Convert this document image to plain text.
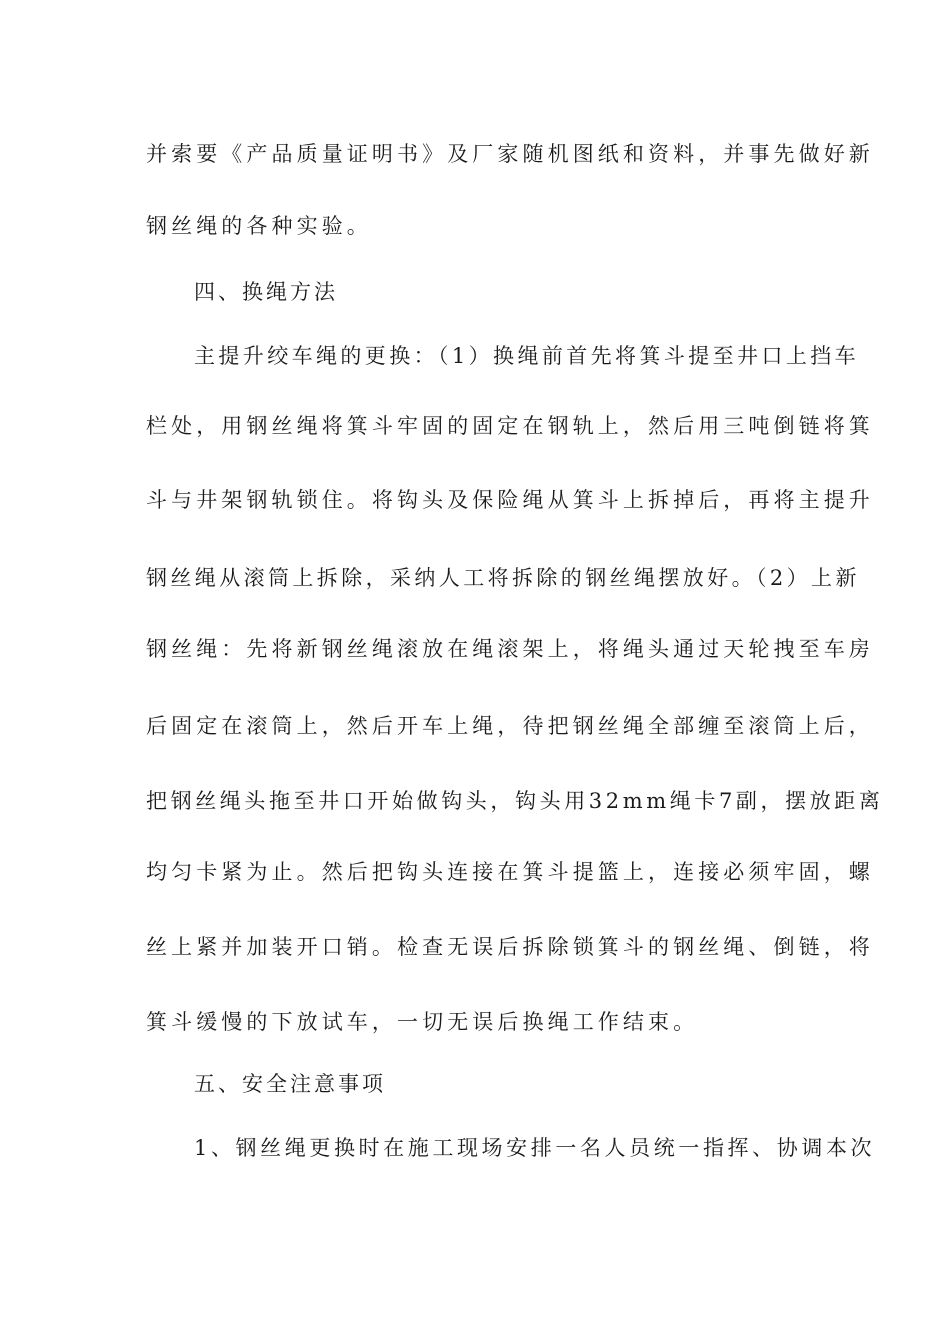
并索要《产品质量证明书》及厂家随机图纸和资料，并事先做好新
钢丝绳的各种实验。
四、换绳方法
主提升绞车绳的更换：（1）换绳前首先将箕斗提至井口上挡车
栏处，用钢丝绳将箕斗牢固的固定在钢轨上，然后用三吨倒链将箕
斗与井架钢轨锁住。将钩头及保险绳从箕斗上拆掉后，再将主提升
钢丝绳从滚筒上拆除，采纳人工将拆除的钢丝绳摆放好。（2）上新
钢丝绳：先将新钢丝绳滚放在绳滚架上，将绳头通过天轮拽至车房
后固定在滚筒上，然后开车上绳，待把钢丝绳全部缠至滚筒上后，
把钢丝绳头拖至井口开始做钩头，钩头用32mm绳卡7副，摆放距离
均匀卡紧为止。然后把钩头连接在箕斗提篮上，连接必须牢固，螺
丝上紧并加装开口销。检查无误后拆除锁箕斗的钢丝绳、倒链，将
箕斗缓慢的下放试车，一切无误后换绳工作结束。
五、安全注意事项
1、钢丝绳更换时在施工现场安排一名人员统一指挥、协调本次
